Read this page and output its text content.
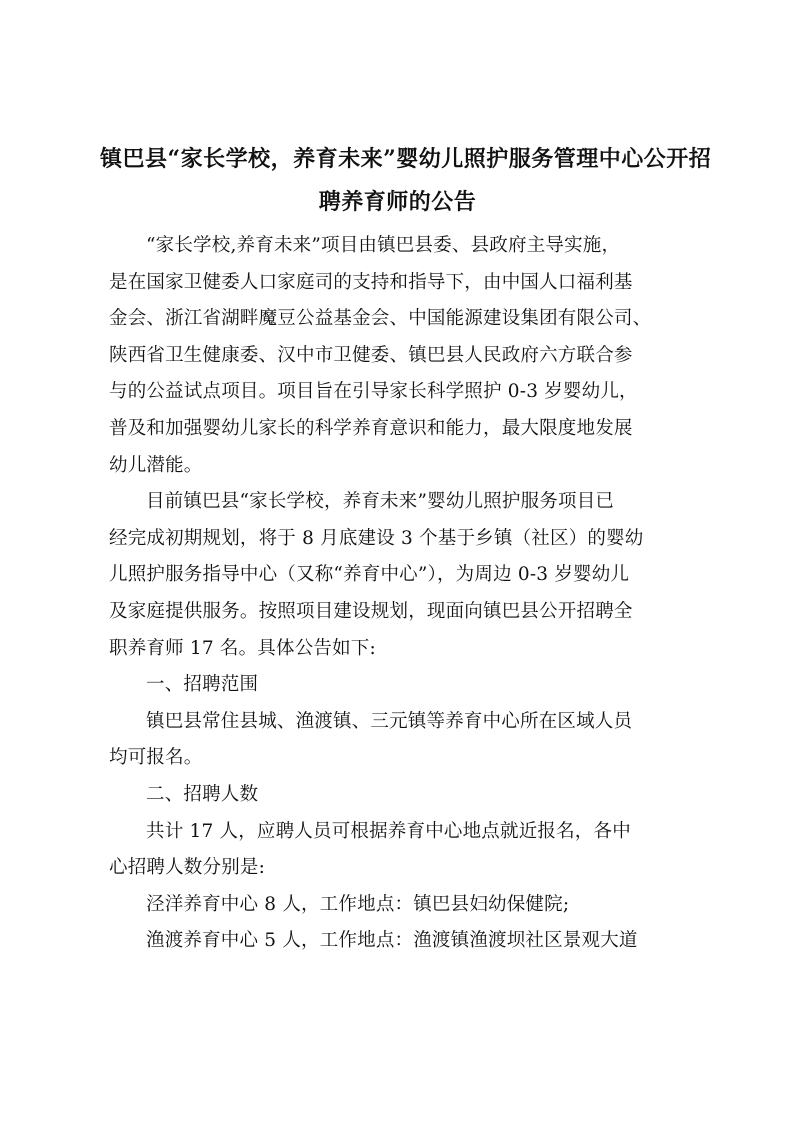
镇巴县“家长学校，养育未来”婴幼儿照护服务管理中心公开招
聘养育师的公告

“家长学校,养育未来”项目由镇巴县委、县政府主导实施，
是在国家卫健委人口家庭司的支持和指导下，由中国人口福利基
金会、浙江省湖畔魔豆公益基金会、中国能源建设集团有限公司、
陕西省卫生健康委、汉中市卫健委、镇巴县人民政府六方联合参
与的公益试点项目。项目旨在引导家长科学照护 0-3 岁婴幼儿，
普及和加强婴幼儿家长的科学养育意识和能力，最大限度地发展
幼儿潜能。

目前镇巴县“家长学校，养育未来”婴幼儿照护服务项目已
经完成初期规划，将于 8 月底建设 3 个基于乡镇（社区）的婴幼
儿照护服务指导中心（又称“养育中心”），为周边 0-3 岁婴幼儿
及家庭提供服务。按照项目建设规划，现面向镇巴县公开招聘全
职养育师 17 名。具体公告如下:

一、招聘范围

镇巴县常住县城、渔渡镇、三元镇等养育中心所在区域人员
均可报名。

二、招聘人数

共计 17 人，应聘人员可根据养育中心地点就近报名，各中
心招聘人数分别是:

泾洋养育中心 8 人，工作地点：镇巴县妇幼保健院;

渔渡养育中心 5 人，工作地点：渔渡镇渔渡坝社区景观大道
